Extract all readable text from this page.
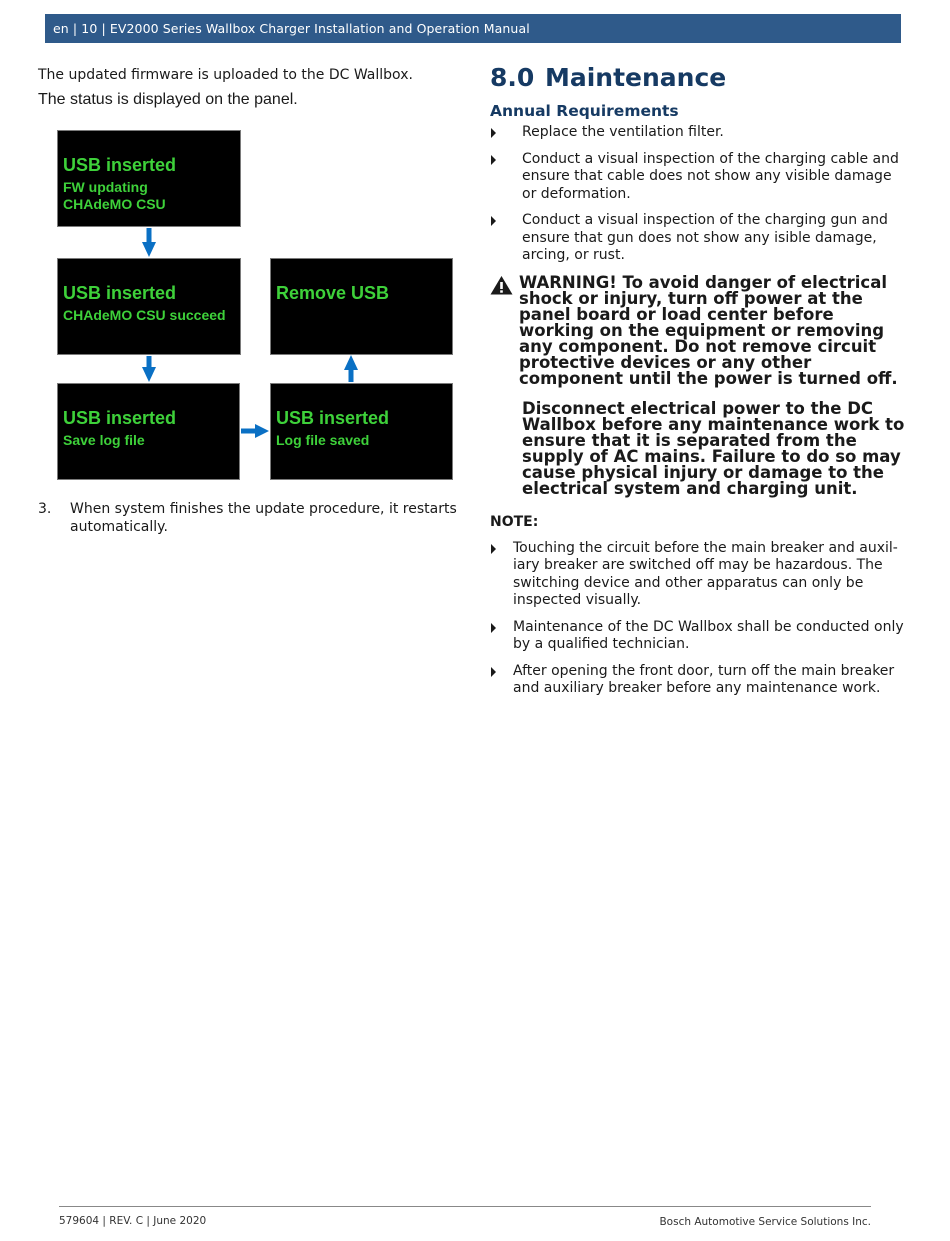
en | 10 | EV2000 Series Wallbox Charger Installation and Operation Manual

The updated firmware is uploaded to the DC Wallbox.

The status is displayed on the panel.

USB inserted
FW updating
CHAdeMO CSU
USB inserted
CHAdeMO CSU succeed
Remove USB
USB inserted
Save log file
USB inserted
Log file saved
3.	When system finishes the update procedure, it restarts automatically.
8.0 Maintenance
Annual Requirements
Replace the ventilation filter.
Conduct a visual inspection of the charging cable and ensure that cable does not show any visible damage or deformation.
Conduct a visual inspection of the charging gun and ensure that gun does not show any isible damage, arcing, or rust.

WARNING! To avoid danger of electrical shock or injury, turn off power at the panel board or load center before working on the equipment or removing any component. Do not remove circuit protective devices or any other component until the power is turned off.

Disconnect electrical power to the DC Wallbox before any maintenance work to ensure that it is separated from the supply of AC mains. Failure to do so may cause physical injury or damage to the electrical system and charging unit.

NOTE:
Touching the circuit before the main breaker and auxil-iary breaker are switched off may be hazardous. The switching device and other apparatus can only be inspected visually.
Maintenance of the DC Wallbox shall be conducted only by a qualified technician.
After opening the front door, turn off the main breaker and auxiliary breaker before any maintenance work.
579604 | REV. C | June 2020	Bosch Automotive Service Solutions Inc.
